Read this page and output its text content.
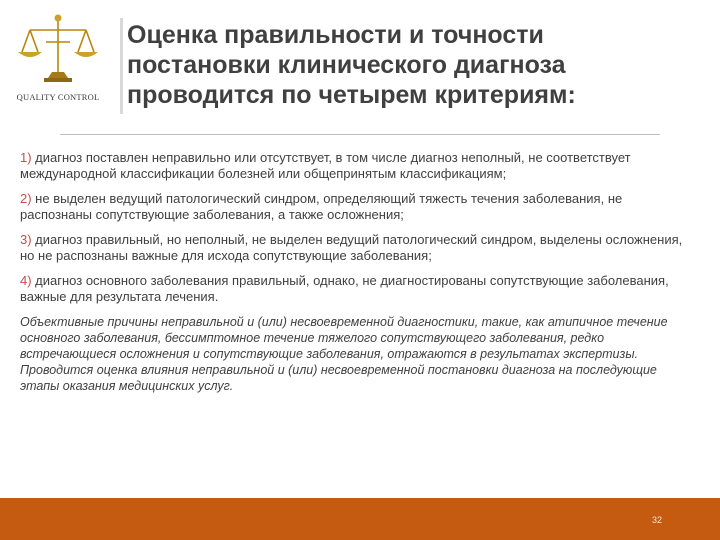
QUALITY CONTROL
Оценка правильности и точности
постановки клинического диагноза
проводится по четырем критериям:

1) диагноз поставлен неправильно или отсутствует, в том числе диагноз неполный, не соответствует международной классификации болезней или общепринятым классификациям;

2) не выделен ведущий патологический синдром, определяющий тяжесть течения заболевания, не распознаны сопутствующие заболевания, а также осложнения;

3) диагноз правильный, но неполный, не выделен ведущий патологический синдром, выделены осложнения, но не распознаны важные для исхода сопутствующие заболевания;

4) диагноз основного заболевания правильный, однако, не диагностированы сопутствующие заболевания, важные для результата лечения.

Объективные причины неправильной и (или) несвоевременной диагностики, такие, как атипичное течение основного заболевания, бессимптомное течение тяжелого сопутствующего заболевания, редко встречающиеся осложнения и сопутствующие заболевания, отражаются в результатах экспертизы. Проводится оценка влияния неправильной и (или) несвоевременной постановки диагноза на последующие этапы оказания медицинских услуг.

32
